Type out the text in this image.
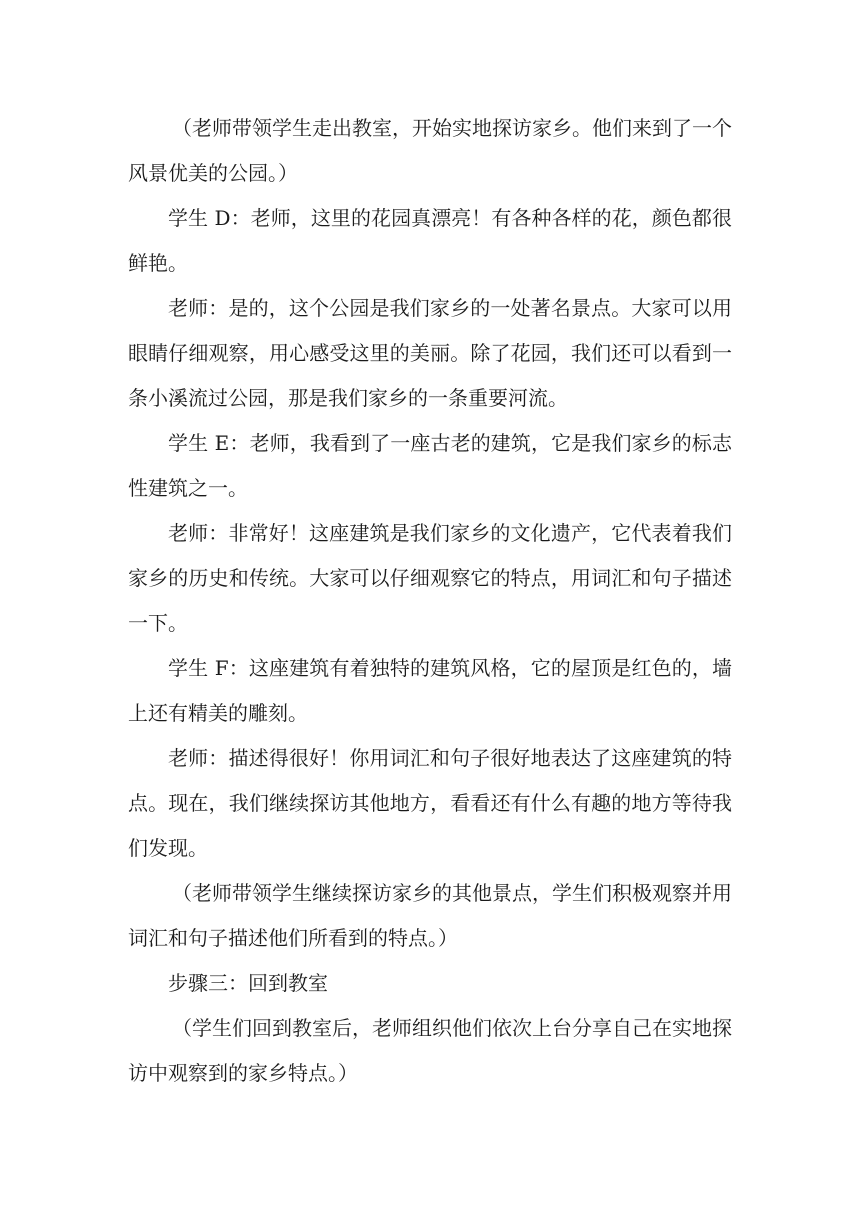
（老师带领学生走出教室，开始实地探访家乡。他们来到了一个风景优美的公园。）

学生 D：老师，这里的花园真漂亮！有各种各样的花，颜色都很鲜艳。

老师：是的，这个公园是我们家乡的一处著名景点。大家可以用眼睛仔细观察，用心感受这里的美丽。除了花园，我们还可以看到一条小溪流过公园，那是我们家乡的一条重要河流。

学生 E：老师，我看到了一座古老的建筑，它是我们家乡的标志性建筑之一。

老师：非常好！这座建筑是我们家乡的文化遗产，它代表着我们家乡的历史和传统。大家可以仔细观察它的特点，用词汇和句子描述一下。

学生 F：这座建筑有着独特的建筑风格，它的屋顶是红色的，墙上还有精美的雕刻。

老师：描述得很好！你用词汇和句子很好地表达了这座建筑的特点。现在，我们继续探访其他地方，看看还有什么有趣的地方等待我们发现。

（老师带领学生继续探访家乡的其他景点，学生们积极观察并用词汇和句子描述他们所看到的特点。）

步骤三：回到教室

（学生们回到教室后，老师组织他们依次上台分享自己在实地探访中观察到的家乡特点。）
